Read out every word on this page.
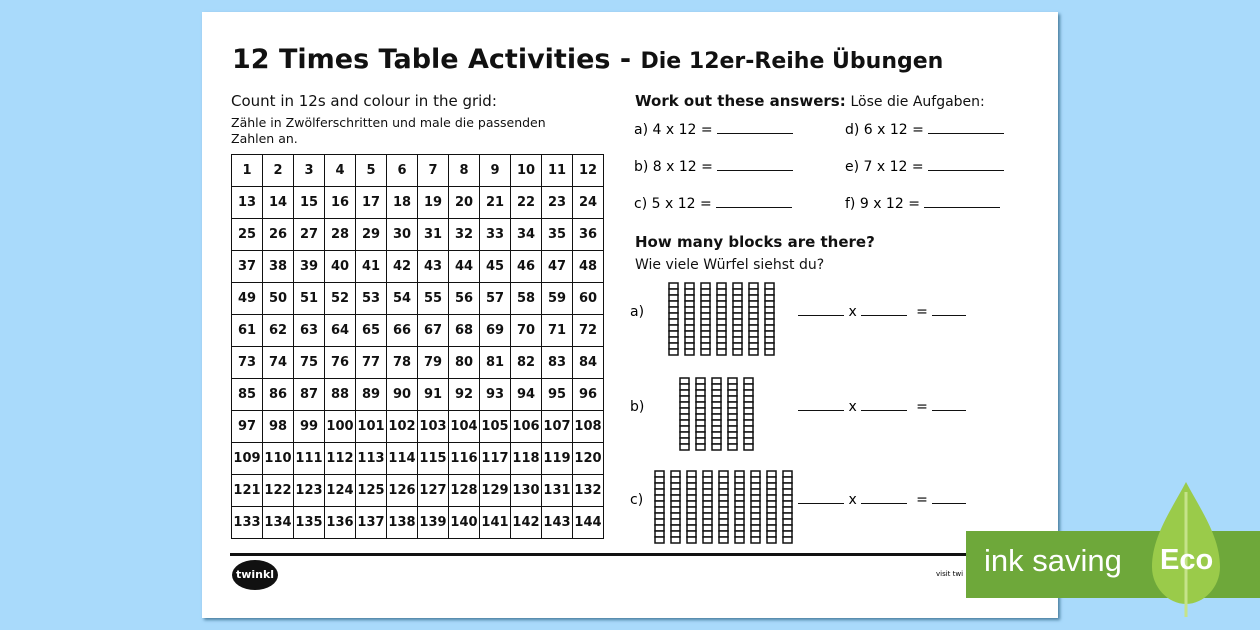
12 Times Table Activities - Die 12er-Reihe Übungen
Count in 12s and colour in the grid:
Zähle in Zwölferschritten und male die passenden Zahlen an.
1	2	3	4	5	6	7	8	9	10	11	12
13	14	15	16	17	18	19	20	21	22	23	24
25	26	27	28	29	30	31	32	33	34	35	36
37	38	39	40	41	42	43	44	45	46	47	48
49	50	51	52	53	54	55	56	57	58	59	60
61	62	63	64	65	66	67	68	69	70	71	72
73	74	75	76	77	78	79	80	81	82	83	84
85	86	87	88	89	90	91	92	93	94	95	96
97	98	99	100	101	102	103	104	105	106	107	108
109	110	111	112	113	114	115	116	117	118	119	120
121	122	123	124	125	126	127	128	129	130	131	132
133	134	135	136	137	138	139	140	141	142	143	144
Work out these answers: Löse die Aufgaben:
a) 4 x 12 =	d) 6 x 12 =
b) 8 x 12 =	e) 7 x 12 =
c) 5 x 12 =	f) 9 x 12 =
How many blocks are there?
Wie viele Würfel siehst du?
a)	x	=
b)	x	=
c)	x	=
twinkl	visit twi ink saving Eco
